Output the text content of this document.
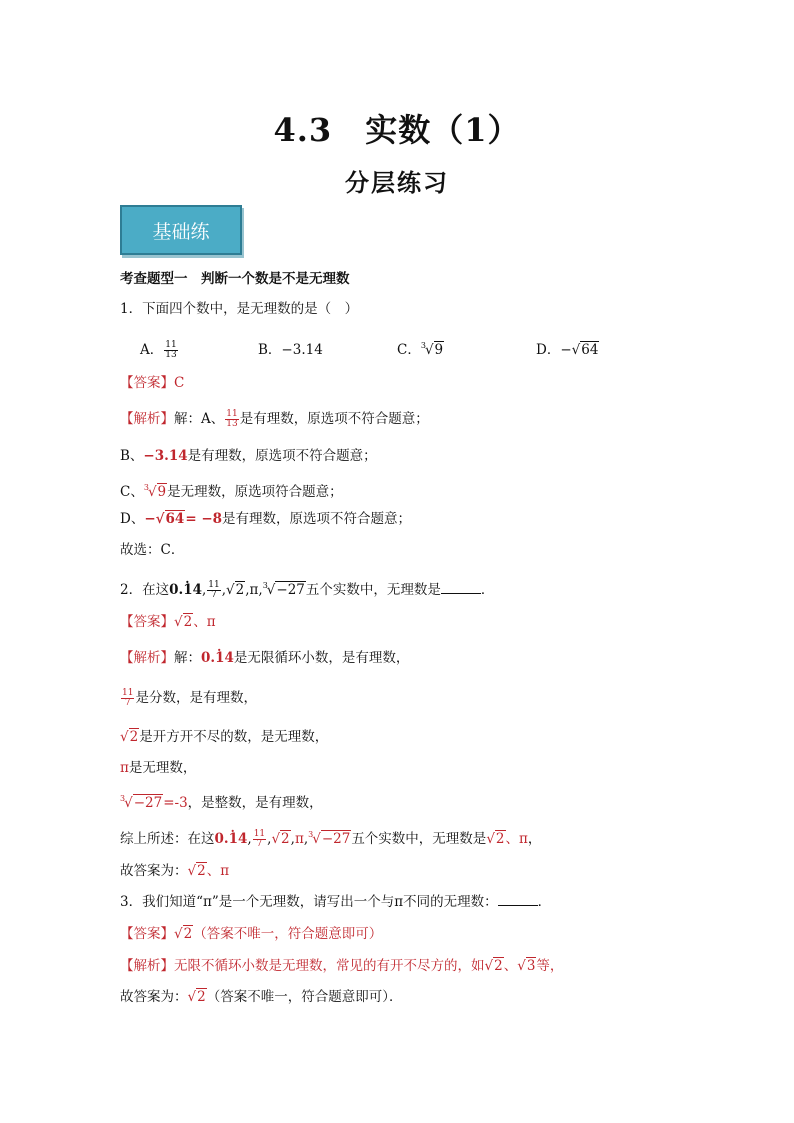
4.3　实数（1）
分层练习
基础练
考查题型一　判断一个数是不是无理数
1．下面四个数中，是无理数的是（　）
A． $\frac{11}{13}$	B．−3.14	C．$^3$√9	D．−√64
【答案】C
【解析】解：A、 $\frac{11}{13}$ 是有理数，原选项不符合题意；
B、−3.14是有理数，原选项不符合题意；
C、$^3$√9是无理数，原选项符合题意；
D、−√64= −8是有理数，原选项不符合题意；
故选：C．
2．在这0.14 ·, $\frac{11}{7} ,√2,\pi,^3√-27$五个实数中，无理数是	．
【答案】√2、π
【解析】解：0.14 ·是无限循环小数，是有理数，
$\frac{11}{7}$ 是分数，是有理数，
√2是开方开不尽的数，是无理数，
π是无理数，
$^3$√−27=-3，是整数，是有理数，
综上所述：在这0.14 ·, $\frac{11}{7} ,√2,\pi,^3√-27$五个实数中，无理数是√2、π，
故答案为：√2、π
3．我们知道“π”是一个无理数，请写出一个与π不同的无理数：	．
【答案】√2（答案不唯一，符合题意即可）
【解析】无限不循环小数是无理数，常见的有开不尽方的，如√2、√3等，
故答案为：√2（答案不唯一，符合题意即可）．
